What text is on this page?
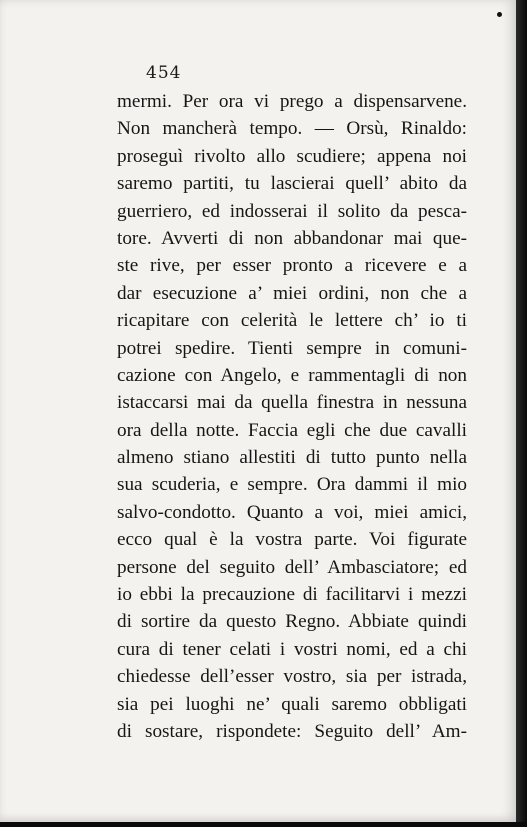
454
mermi. Per ora vi prego a dispensarvene.
Non mancherà tempo. — Orsù, Rinaldo:
proseguì rivolto allo scudiere; appena noi
saremo partiti, tu lascierai quell’ abito da
guerriero, ed indosserai il solito da pesca-
tore. Avverti di non abbandonar mai que-
ste rive, per esser pronto a ricevere e a
dar esecuzione a’ miei ordini, non che a
ricapitare con celerità le lettere ch’ io ti
potrei spedire. Tienti sempre in comuni-
cazione con Angelo, e rammentagli di non
istaccarsi mai da quella finestra in nessuna
ora della notte. Faccia egli che due cavalli
almeno stiano allestiti di tutto punto nella
sua scuderia, e sempre. Ora dammi il mio
salvo-condotto. Quanto a voi, miei amici,
ecco qual è la vostra parte. Voi figurate
persone del seguito dell’ Ambasciatore; ed
io ebbi la precauzione di facilitarvi i mezzi
di sortire da questo Regno. Abbiate quindi
cura di tener celati i vostri nomi, ed a chi
chiedesse dell’esser vostro, sia per istrada,
sia pei luoghi ne’ quali saremo obbligati
di sostare, rispondete: Seguito dell’ Am-
